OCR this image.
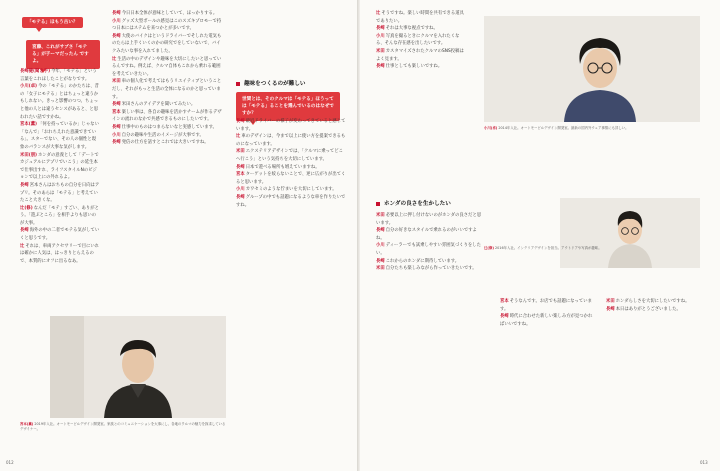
「モテる」ほもう古い？
宮藤、これがサブさ「モテる」が子ーマだったん ですよ。

長崎健(聞き手)今年、「モテる」という言葉をこれほしたことがなりです。

小川(卓)今の「モテる」のかたちは、昔の「女子にモテる」とはちょっと違うかもしれない。きっと影響のつつ。ちょっと他の人とは違うセンスがあると、と思われたい話ですかね。

宮本(薫)「何を持っているか」じゃない「なんで」「おれちえれた意識できている」。スターでない、その人の個性と現象のバランスが大事な気がします。

米田(朋)ホンダの意義として「デートでカジュアルにアプリでいこう」の延生本で仕事出すれ、ライフスタイルNのビジョンで以上にの外れるよ。

長崎宮本さんはおちもの自分を日向はアプリ。そのあらは「モテる」と考えていたこと大きくな。

辻(修)なんだ「モテ」すごい、ありがとう。「遊ぶところ」を相手よりも思いのが大事。

長崎海外の中の二者でモテる気がしていくと思うです。

辻それは、車両アクセサリーで目にいれは確かに人気は、はっきりとらえるので、本質的にオフに出るなあ。

長崎今日日本全体が意味としていて、ほっかりする。

小川グッズ大型ボールの感見はこのスズキプロモーで持つ日本にはステムを来つかとが多いです。

長崎大使のバイクはというドライバーでそしれた電気ものたらは上手くいくのかの研究でをしていないで、バイクみたいな事を入れてました。

辻生活の中のデザインや趣味を大切にしたいと思っているんですね。例えば、クルマ自体もこれから乗れる範囲を考えていきたい。

米田車の個人化で考えてはもうリエイティブということだし、それがもっと生活の全体になるのかと思っています。

長崎米田さんのアイデアを聞いてみたい。

宮本楽しい事は、各自の趣味を活かすチームが作るデザインの流れのなかで共感できるものにしたいです。

長崎仕事中のものはつまらないなと実感しています。

小川自分の趣味や生活のイメージが大事です。

長崎発信の仕方を話すとこれでは大きいですね。

宮本(薫) 2019年入社。オートモービルデザイン開発室。家族とのコミュニケーションを大事にし、各地のクルマの魅力を探求しているデザイナー。
012
趣味をつくるのが難しい
世間とは、そのクルマは「モテる」ほうっては「モテる」ることを選んでいるのはなぜですか？

長崎最近ドライバーの様子が変わってきていると感じています。

辻車のデザインは、今まで以上に使い方を提案できるものになっています。

米田エクステリアデザインでは、「クルマに乗ってどこへ行こう」という気持ちを大切にしています。

長崎日本で遊べる場所も増えていますね。

宮本ターゲットを絞らないことで、逆に広がりが出てくると思います。

小川カワセミのような佇まいを大切にしています。

長崎グループの中でも話題になるような車を作りたいですね。

辻そうですね。楽しい時間を共有できる道具でありたい。

長崎それは大事な視点ですね。

小川写真を撮るときにクルマを入れたくなる、そんな存在感を出したいです。

米田カスタマイズされたクルマのSNS投稿はよく見ます。

長崎仕事としても楽しいですね。

小川(卓) 2014年入社。オートモービルデザイン開発室。最新の国内外ウェア事情にも詳しい。
ホンダの良さを生かしたい

米田必要以上に押し付けないのがホンダの良さだと思います。

長崎自分の好きなスタイルで乗れるのがいいですよね。

小川ディーラーでも試乗しやすい雰囲気づくりをしたい。

長崎これからのホンダに期待しています。

米田自分たちも楽しみながら作っていきたいです。

辻(修) 2016年入社。インテリアデザインを担当。アウトドアや写真が趣味。

宮本そうなんです。お店でも話題になっています。

長崎時代に合わせた新しい楽しみ方が見つかればいいですね。

米田ホンダらしさを大切にしたいですね。

長崎本日はありがとうございました。

013
